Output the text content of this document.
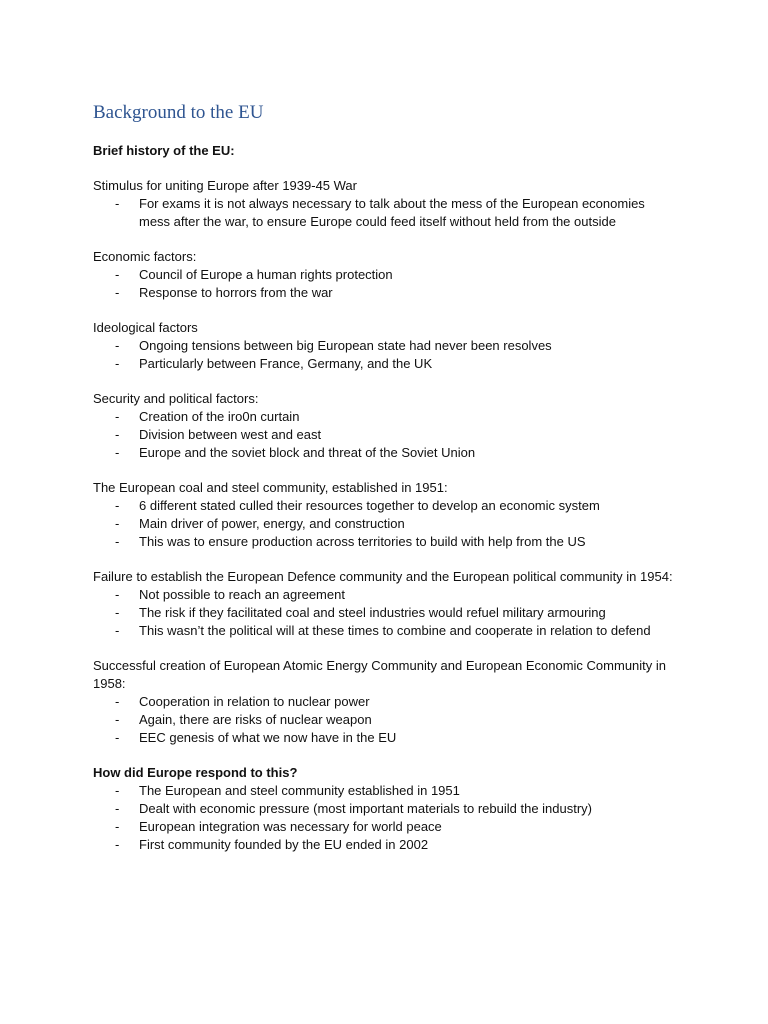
Background to the EU

Brief history of the EU:

Stimulus for uniting Europe after 1939-45 War

- For exams it is not always necessary to talk about the mess of the European economies mess after the war, to ensure Europe could feed itself without held from the outside

Economic factors:

- Council of Europe a human rights protection
- Response to horrors from the war

Ideological factors

- Ongoing tensions between big European state had never been resolves
- Particularly between France, Germany, and the UK

Security and political factors:

- Creation of the iro0n curtain
- Division between west and east
- Europe and the soviet block and threat of the Soviet Union

The European coal and steel community, established in 1951:

- 6 different stated culled their resources together to develop an economic system
- Main driver of power, energy, and construction
- This was to ensure production across territories to build with help from the US

Failure to establish the European Defence community and the European political community in 1954:

- Not possible to reach an agreement
- The risk if they facilitated coal and steel industries would refuel military armouring
- This wasn’t the political will at these times to combine and cooperate in relation to defend

Successful creation of European Atomic Energy Community and European Economic Community in 1958:

- Cooperation in relation to nuclear power
- Again, there are risks of nuclear weapon
- EEC genesis of what we now have in the EU

How did Europe respond to this?

- The European and steel community established in 1951
- Dealt with economic pressure (most important materials to rebuild the industry)
- European integration was necessary for world peace
- First community founded by the EU ended in 2002
